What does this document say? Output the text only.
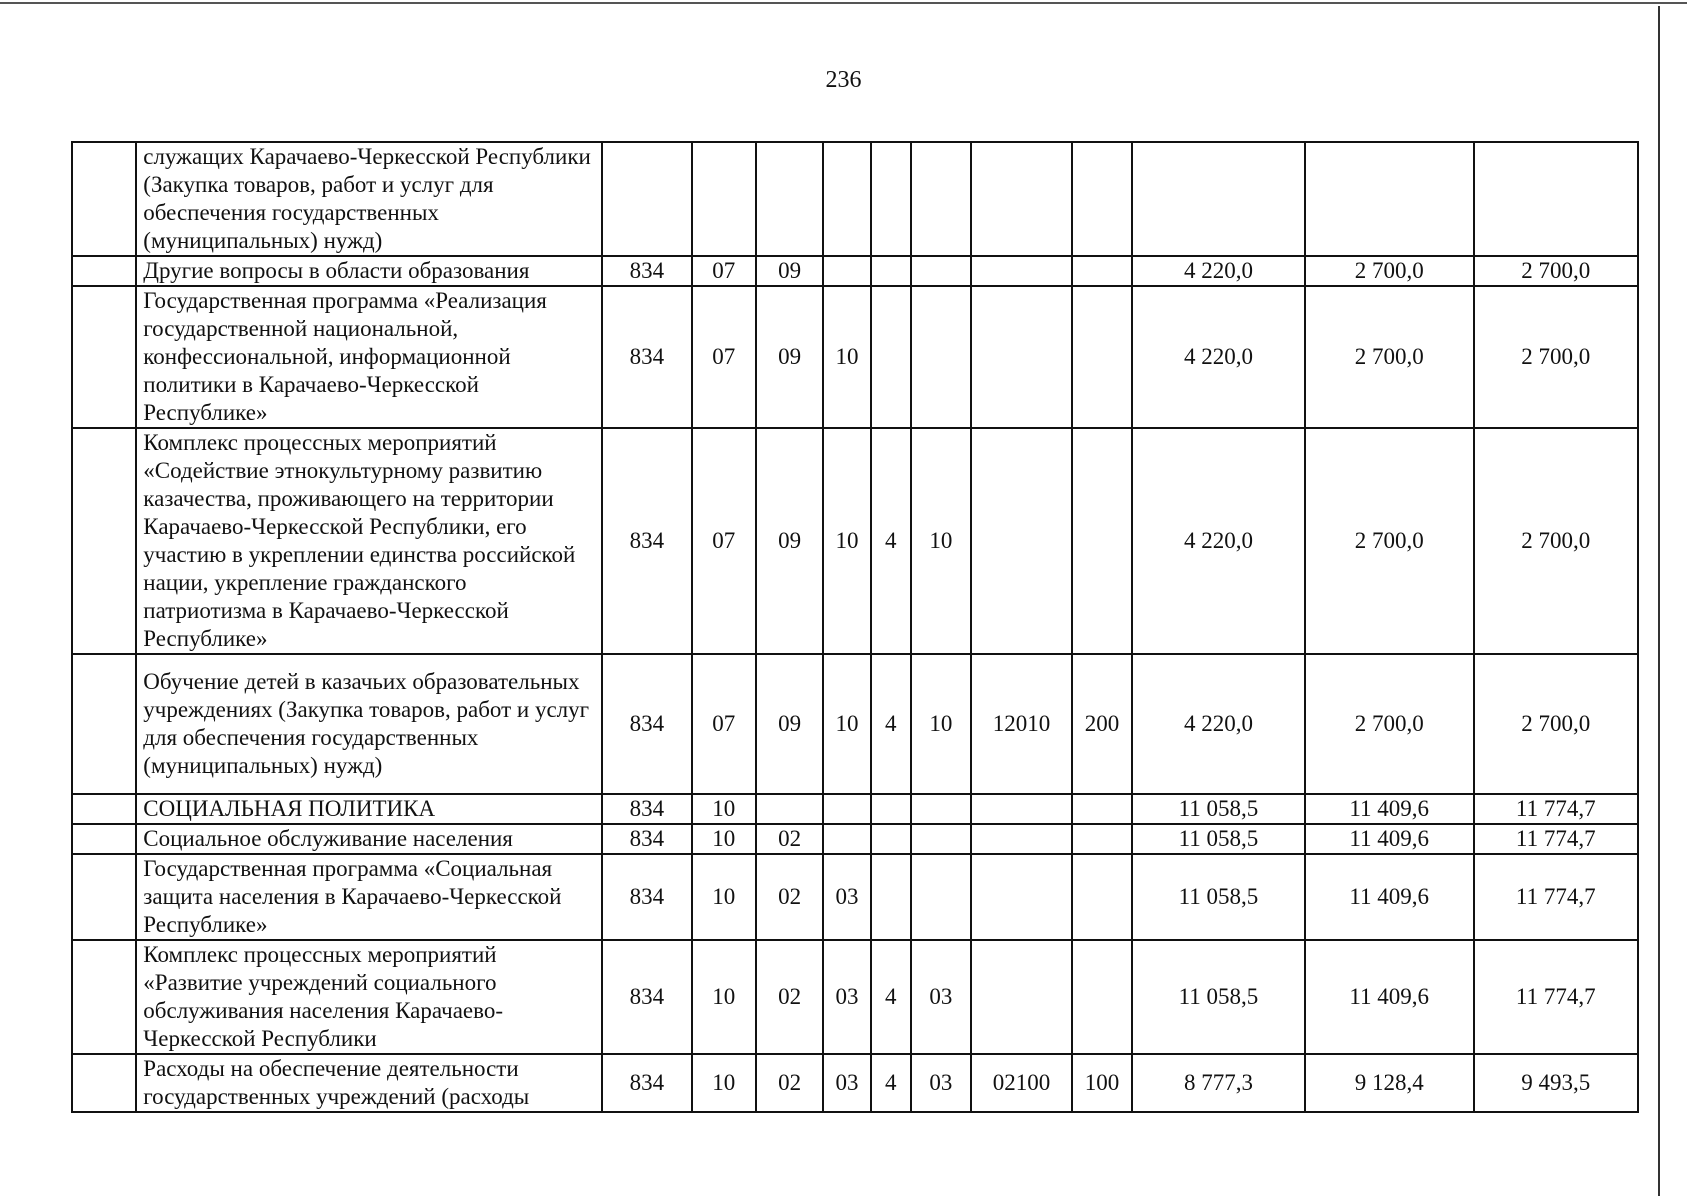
236
	служащих Карачаево-Черкесской Республики (Закупка товаров, работ и услуг для обеспечения государственных (муниципальных) нужд)											
	Другие вопросы в области образования	834	07	09						4 220,0	2 700,0	2 700,0
	Государственная программа «Реализация государственной национальной, конфессиональной, информационной политики в Карачаево-Черкесской Республике»	834	07	09	10					4 220,0	2 700,0	2 700,0
	Комплекс процессных мероприятий «Содействие этнокультурному развитию казачества, проживающего на территории Карачаево-Черкесской Республики, его участию в укреплении единства российской нации, укрепление гражданского патриотизма в Карачаево-Черкесской Республике»	834	07	09	10	4	10			4 220,0	2 700,0	2 700,0
	Обучение детей в казачьих образовательных учреждениях (Закупка товаров, работ и услуг для обеспечения государственных (муниципальных) нужд)	834	07	09	10	4	10	12010	200	4 220,0	2 700,0	2 700,0
	СОЦИАЛЬНАЯ ПОЛИТИКА	834	10							11 058,5	11 409,6	11 774,7
	Социальное обслуживание населения	834	10	02						11 058,5	11 409,6	11 774,7
	Государственная программа «Социальная защита населения в Карачаево-Черкесской Республике»	834	10	02	03					11 058,5	11 409,6	11 774,7
	Комплекс процессных мероприятий «Развитие учреждений социального обслуживания населения Карачаево-Черкесской Республики	834	10	02	03	4	03			11 058,5	11 409,6	11 774,7
	Расходы на обеспечение деятельности государственных учреждений (расходы	834	10	02	03	4	03	02100	100	8 777,3	9 128,4	9 493,5
